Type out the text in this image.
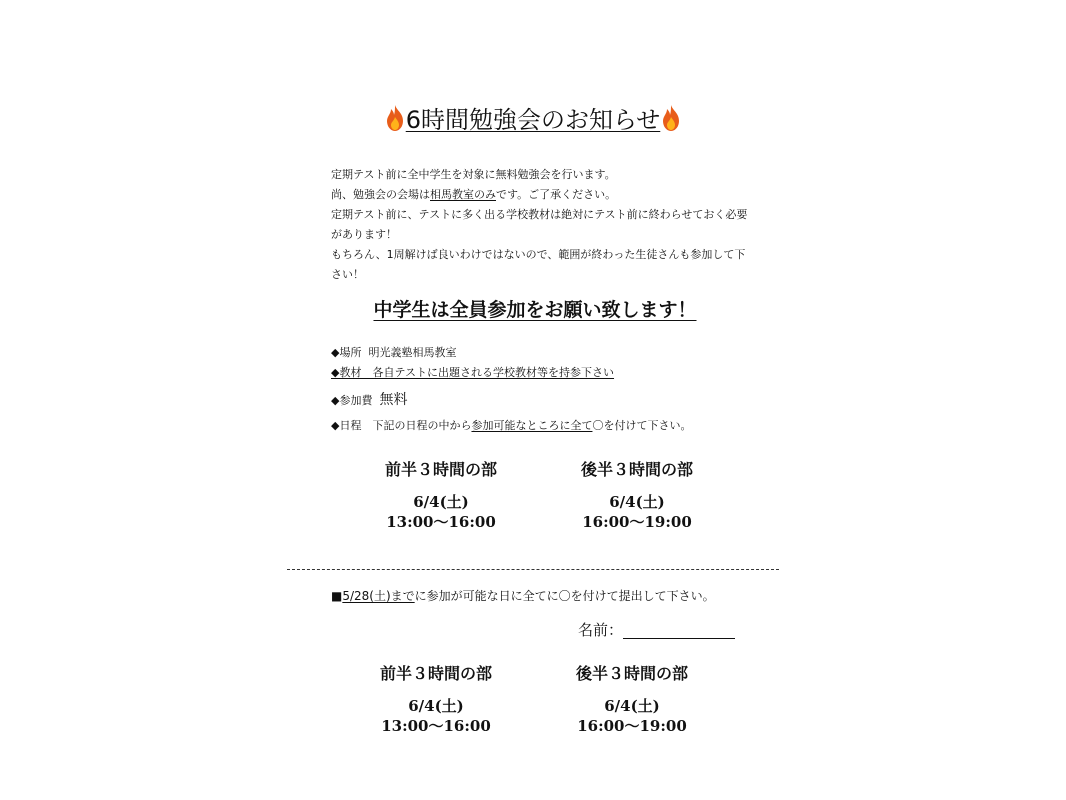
6時間勉強会のお知らせ
定期テスト前に全中学生を対象に無料勉強会を行います。
尚、勉強会の会場は相馬教室のみです。ご了承ください。
定期テスト前に、テストに多く出る学校教材は絶対にテスト前に終わらせておく必要
があります！
もちろん、1周解けば良いわけではないので、範囲が終わった生徒さんも参加して下
さい！
中学生は全員参加をお願い致します！
◆場所 明光義塾相馬教室
◆教材　各自テストに出題される学校教材等を持参下さい
◆参加費 無料
◆日程　下記の日程の中から参加可能なところに全て〇を付けて下さい。
前半３時間の部
6/4(土)
13:00〜16:00
後半３時間の部
6/4(土)
16:00〜19:00
■5/28(土)までに参加が可能な日に全てに〇を付けて提出して下さい。
名前：
前半３時間の部
6/4(土)
13:00〜16:00
後半３時間の部
6/4(土)
16:00〜19:00
